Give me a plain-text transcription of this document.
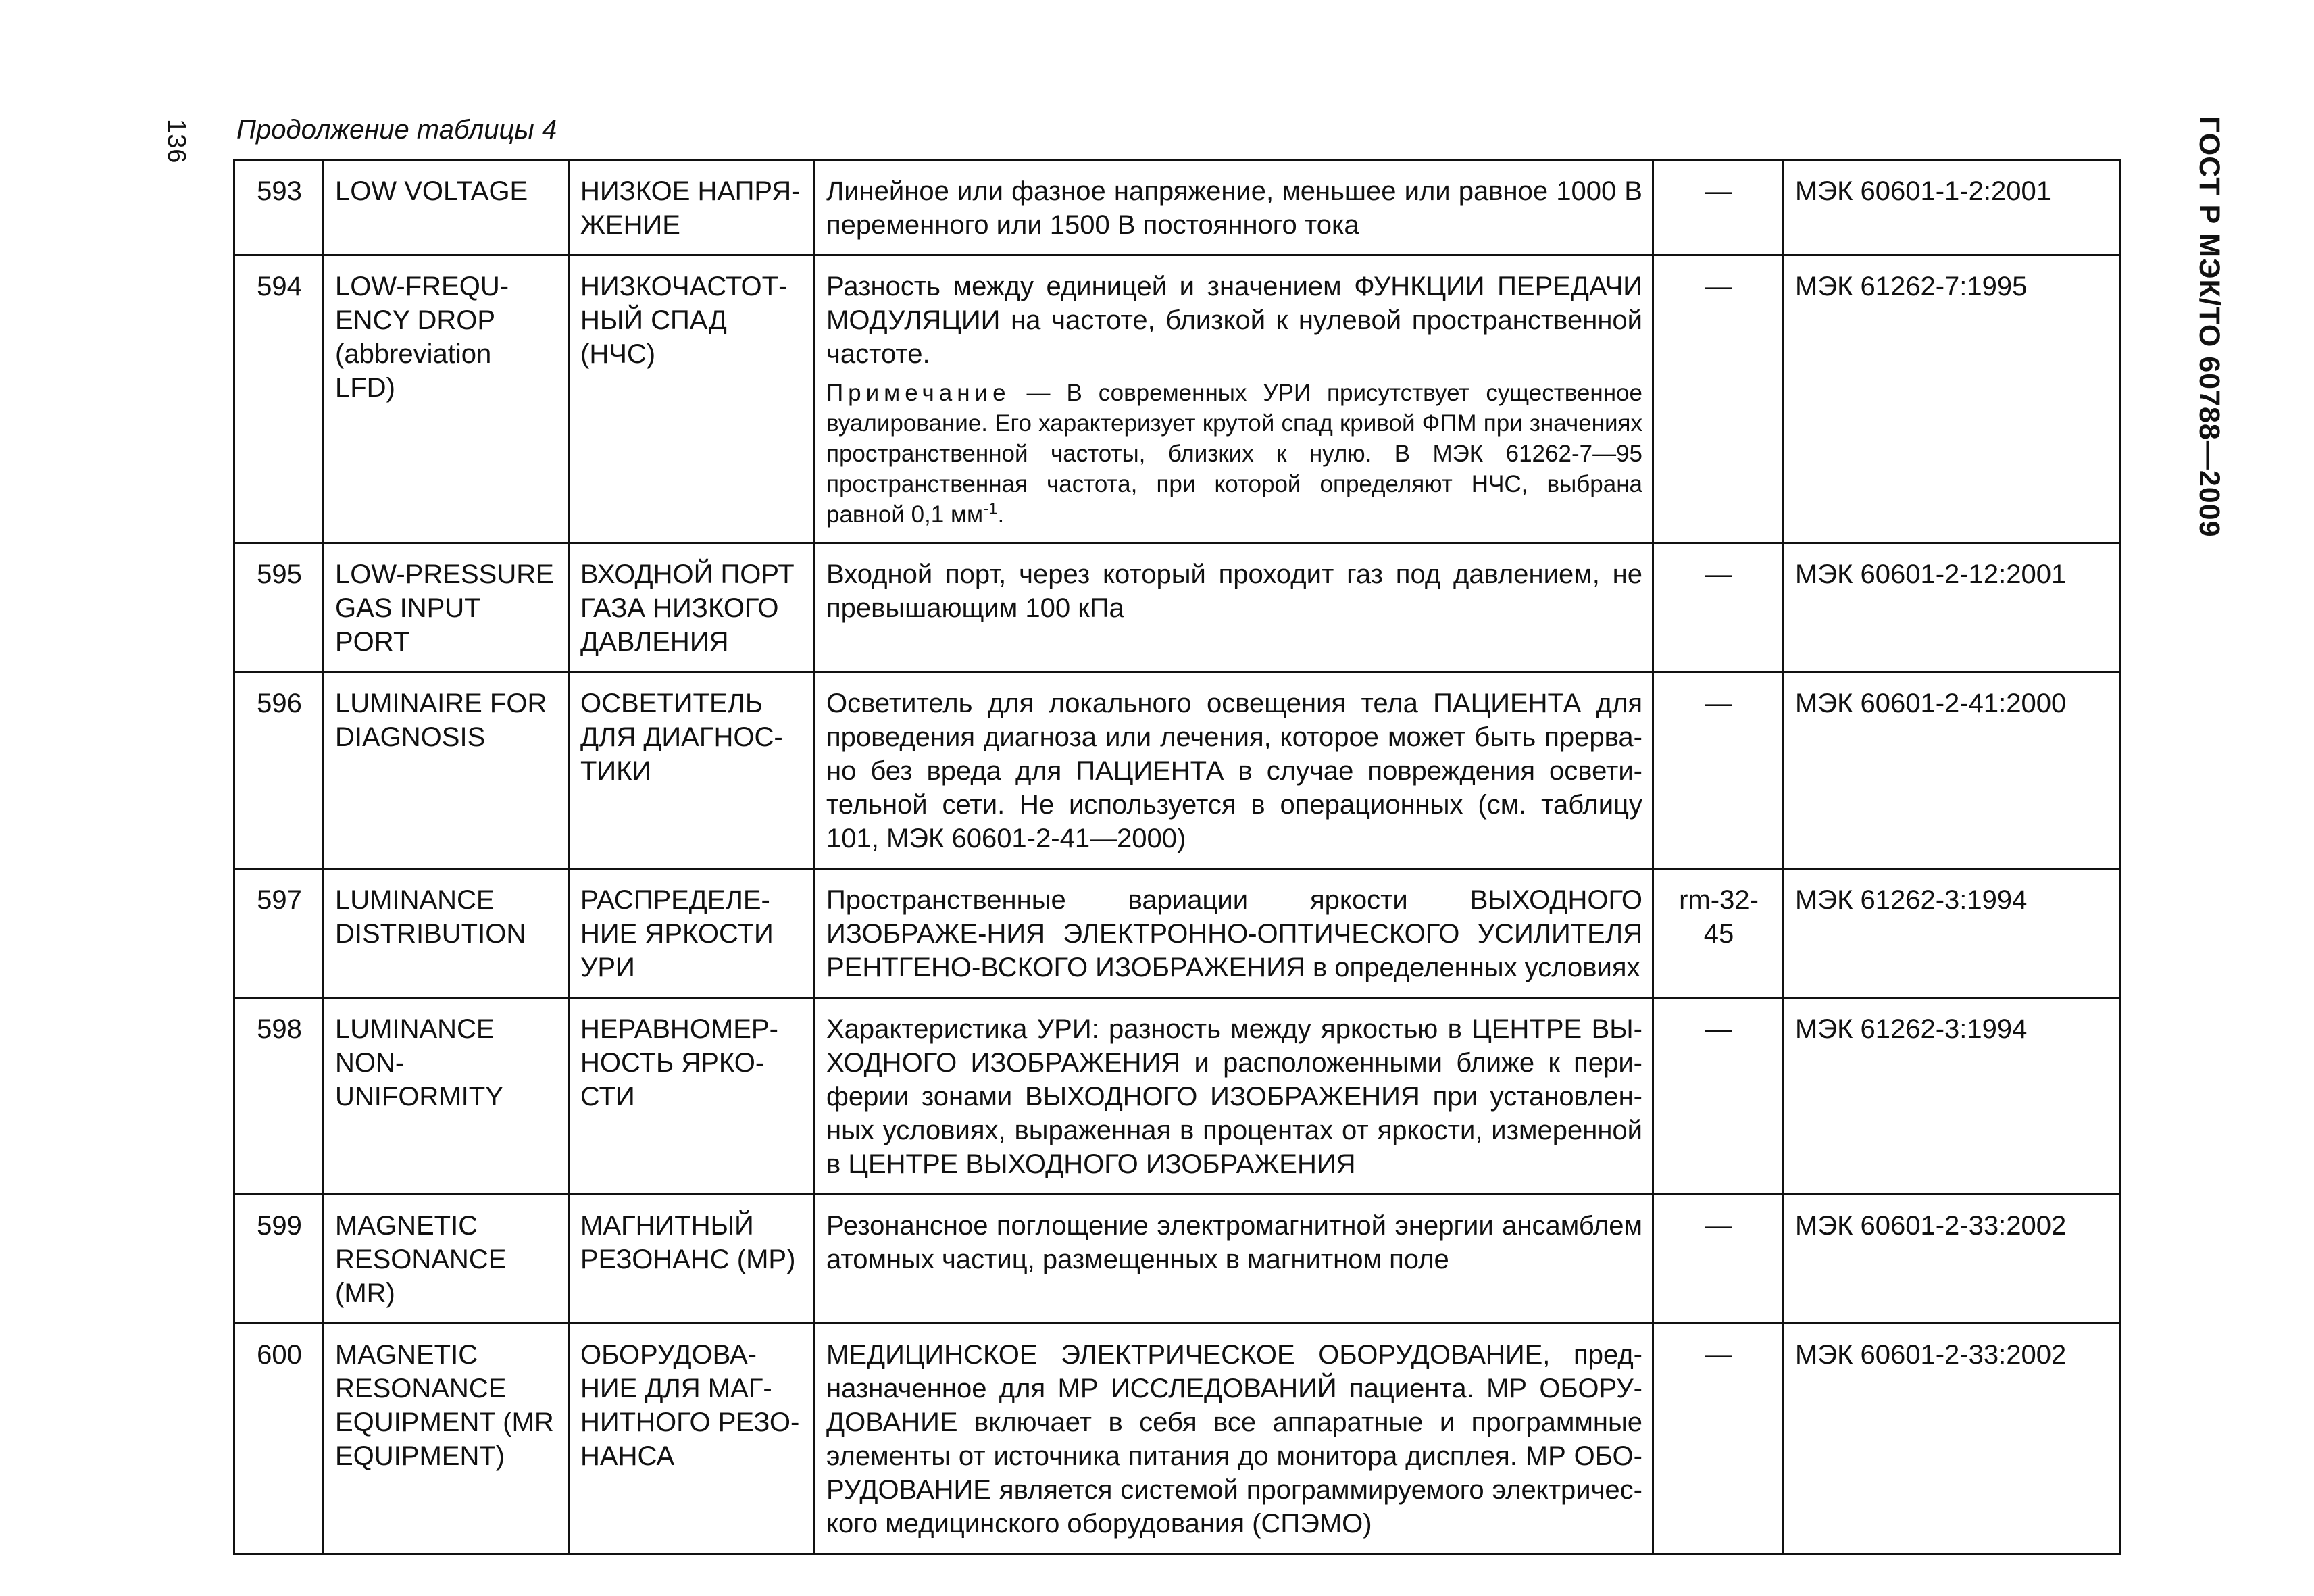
136 Продолжение таблицы 4	ГОСТ Р МЭК/ТО 60788—2009
593	LOW VOLTAGE	НИЗКОЕ НАПРЯ-ЖЕНИЕ	Линейное или фазное напряжение, меньшее или равное 1000 В переменного или 1500 В постоянного тока	—	МЭК 60601-1-2:2001
594	LOW-FREQU-ENCY DROP (abbreviation LFD)	НИЗКОЧАСТОТ-НЫЙ СПАД (НЧС)	Разность между единицей и значением ФУНКЦИИ ПЕРЕДАЧИ МОДУЛЯЦИИ на частоте, близкой к нулевой пространственной частоте.
Примечание — В современных УРИ присутствует существенное вуалирование. Его характеризует крутой спад кривой ФПМ при значениях пространственной частоты, близких к нулю. В МЭК 61262-7—95 пространственная частота, при которой определяют НЧС, выбрана равной 0,1 $мм^{-1}$.	—	МЭК 61262-7:1995
595	LOW-PRESSURE GAS INPUT PORT	ВХОДНОЙ ПОРТ ГАЗА НИЗКОГО ДАВЛЕНИЯ	Входной порт, через который проходит газ под давлением, не превышающим 100 кПа	—	МЭК 60601-2-12:2001
596	LUMINAIRE FOR DIAGNOSIS	ОСВЕТИТЕЛЬ ДЛЯ ДИАГНОС-ТИКИ	Осветитель для локального освещения тела ПАЦИЕНТА для проведения диагноза или лечения, которое может быть прерва-но без вреда для ПАЦИЕНТА в случае повреждения освети-тельной сети. Не используется в операционных (см. таблицу 101, МЭК 60601-2-41—2000)	—	МЭК 60601-2-41:2000
597	LUMINANCE DISTRIBUTION	РАСПРЕДЕЛЕ-НИЕ ЯРКОСТИ УРИ	Пространственные вариации яркости ВЫХОДНОГО ИЗОБРАЖЕ-НИЯ ЭЛЕКТРОННО-ОПТИЧЕСКОГО УСИЛИТЕЛЯ РЕНТГЕНО-ВСКОГО ИЗОБРАЖЕНИЯ в определенных условиях	rm-32-45	МЭК 61262-3:1994
598	LUMINANCE NON-UNIFORMITY	НЕРАВНОМЕР-НОСТЬ ЯРКО-СТИ	Характеристика УРИ: разность между яркостью в ЦЕНТРЕ ВЫ-ХОДНОГО ИЗОБРАЖЕНИЯ и расположенными ближе к пери-ферии зонами ВЫХОДНОГО ИЗОБРАЖЕНИЯ при установлен-ных условиях, выраженная в процентах от яркости, измеренной в ЦЕНТРЕ ВЫХОДНОГО ИЗОБРАЖЕНИЯ	—	МЭК 61262-3:1994
599	MAGNETIC RESONANCE (MR)	МАГНИТНЫЙ РЕЗОНАНС (МР)	Резонансное поглощение электромагнитной энергии ансамблем атомных частиц, размещенных в магнитном поле	—	МЭК 60601-2-33:2002
600	MAGNETIC RESONANCE EQUIPMENT (MR EQUIPMENT)	ОБОРУДОВА-НИЕ ДЛЯ МАГ-НИТНОГО РЕЗО-НАНСА	МЕДИЦИНСКОЕ ЭЛЕКТРИЧЕСКОЕ ОБОРУДОВАНИЕ, пред-назначенное для МР ИССЛЕДОВАНИЙ пациента. МР ОБОРУ-ДОВАНИЕ включает в себя все аппаратные и программные элементы от источника питания до монитора дисплея. МР ОБО-РУДОВАНИЕ является системой программируемого электричес-кого медицинского оборудования (СПЭМО)	—	МЭК 60601-2-33:2002
